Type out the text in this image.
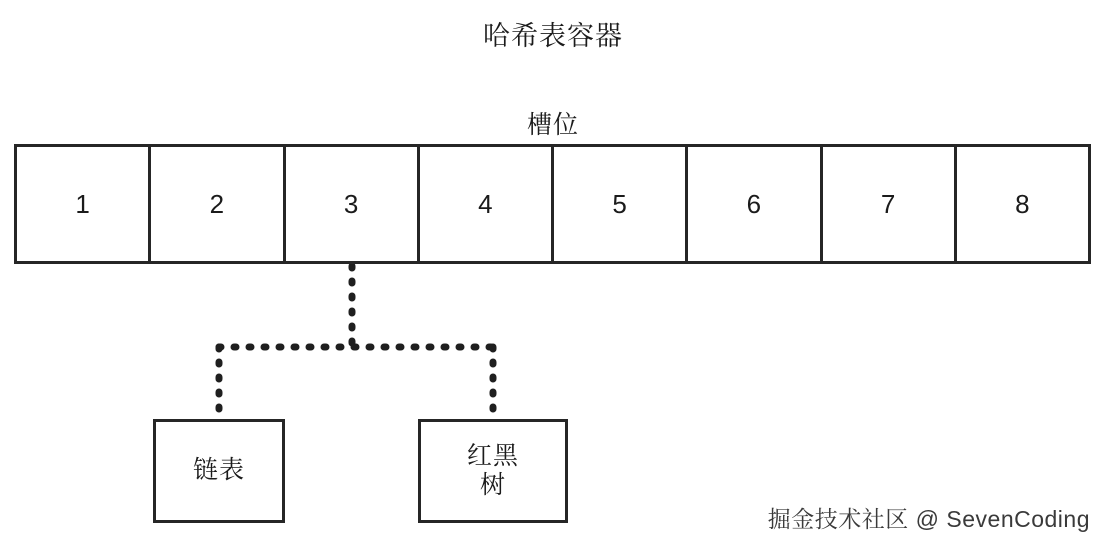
哈希表容器
槽位
1	2	3	4	5	6	7	8
链表
红黑
树
掘金技术社区 @ SevenCoding
